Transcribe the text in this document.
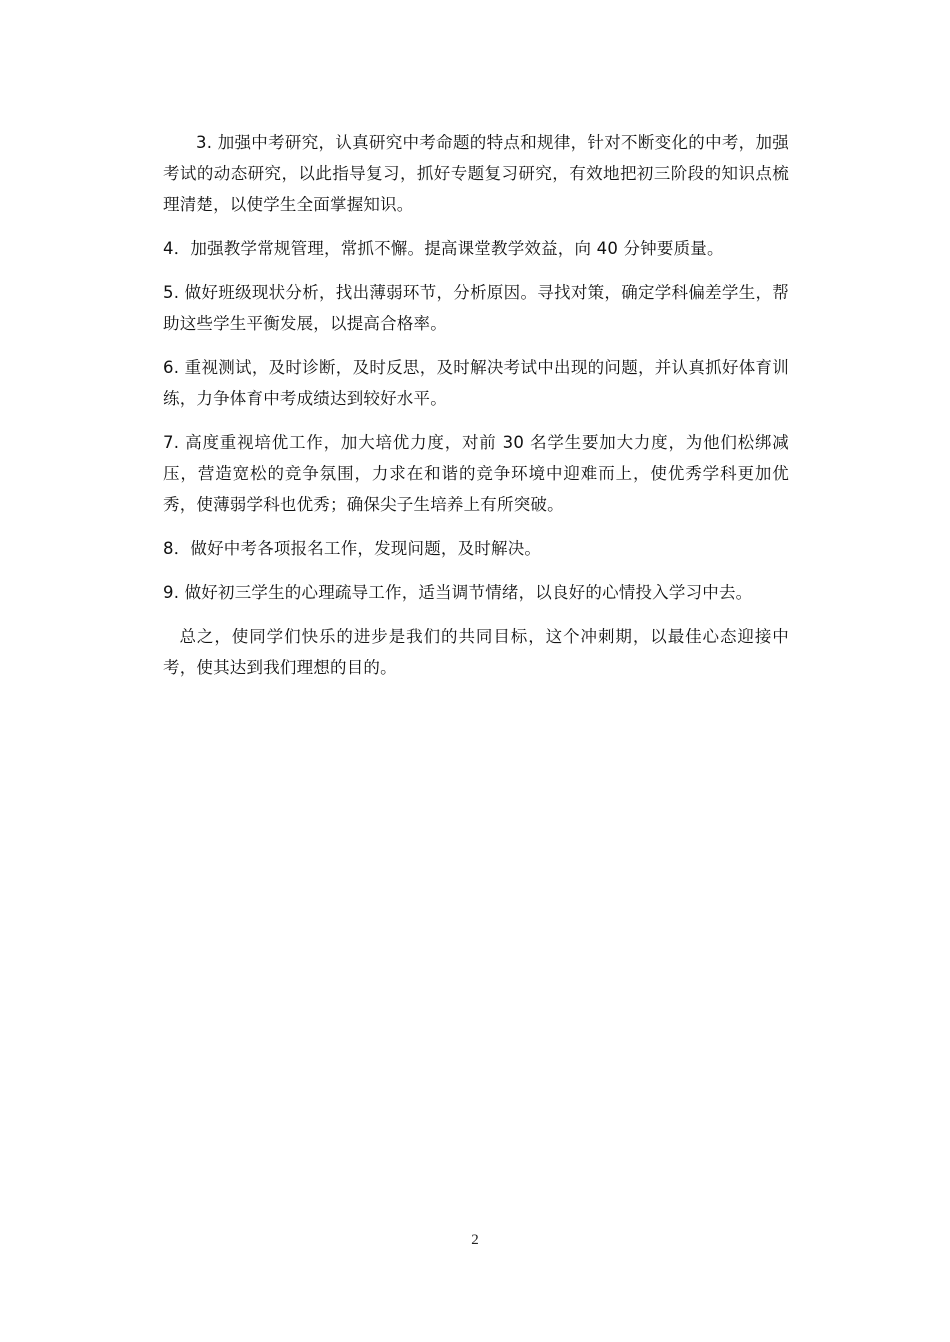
3. 加强中考研究，认真研究中考命题的特点和规律，针对不断变化的中考，加强考试的动态研究，以此指导复习，抓好专题复习研究，有效地把初三阶段的知识点梳理清楚，以使学生全面掌握知识。

4．加强教学常规管理，常抓不懈。提高课堂教学效益，向 40 分钟要质量。

5. 做好班级现状分析，找出薄弱环节，分析原因。寻找对策，确定学科偏差学生，帮助这些学生平衡发展，以提高合格率。

6. 重视测试，及时诊断，及时反思，及时解决考试中出现的问题，并认真抓好体育训练，力争体育中考成绩达到较好水平。

7. 高度重视培优工作，加大培优力度，对前 30 名学生要加大力度，为他们松绑减压，营造宽松的竞争氛围，力求在和谐的竞争环境中迎难而上，使优秀学科更加优秀，使薄弱学科也优秀；确保尖子生培养上有所突破。

8．做好中考各项报名工作，发现问题，及时解决。

9. 做好初三学生的心理疏导工作，适当调节情绪，以良好的心情投入学习中去。

总之，使同学们快乐的进步是我们的共同目标，这个冲刺期，以最佳心态迎接中考，使其达到我们理想的目的。

2
